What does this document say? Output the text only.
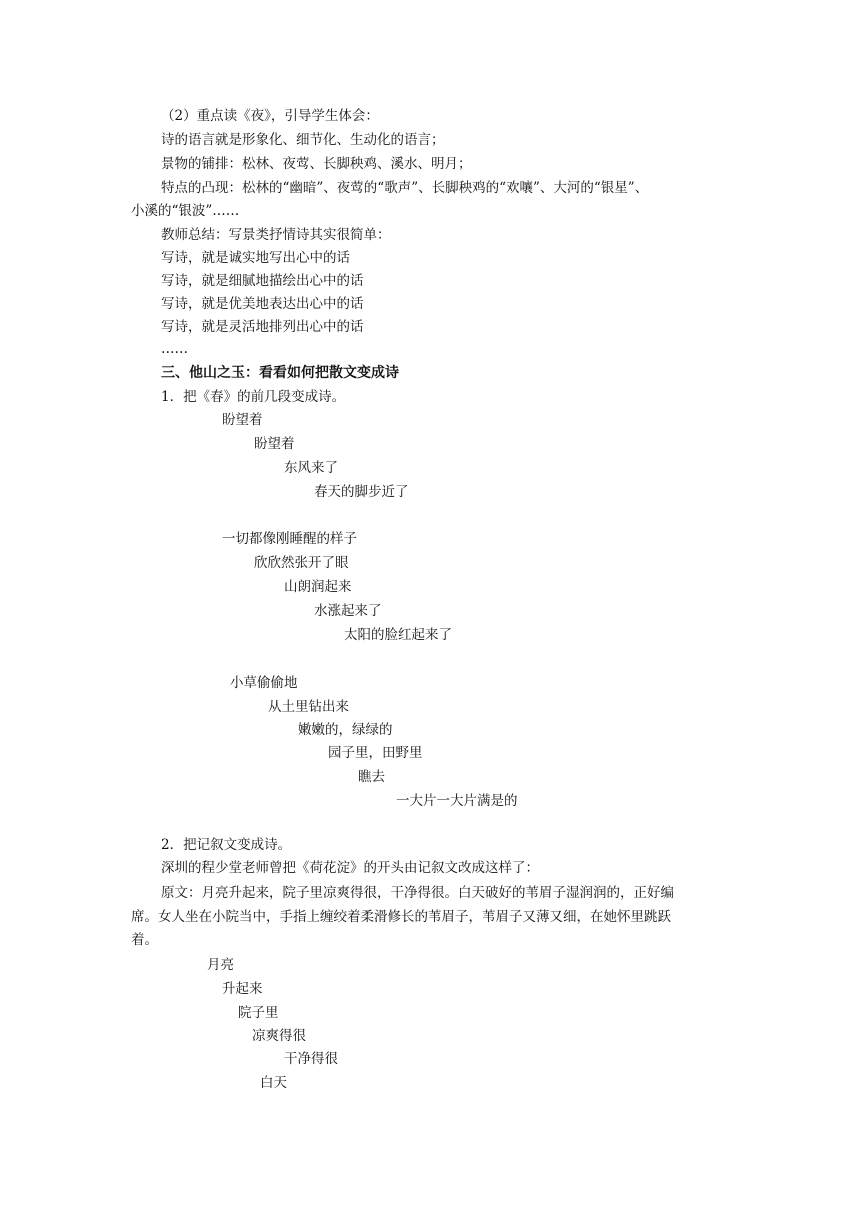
（2）重点读《夜》，引导学生体会：
诗的语言就是形象化、细节化、生动化的语言；
景物的铺排：松林、夜莺、长脚秧鸡、溪水、明月；
特点的凸现：松林的“幽暗”、夜莺的“歌声”、长脚秧鸡的“欢嚷”、大河的“银星”、
小溪的“银波”……
教师总结：写景类抒情诗其实很简单：
写诗，就是诚实地写出心中的话
写诗，就是细腻地描绘出心中的话
写诗，就是优美地表达出心中的话
写诗，就是灵活地排列出心中的话
……
三、他山之玉：看看如何把散文变成诗
1．把《春》的前几段变成诗。
盼望着
盼望着
东风来了
春天的脚步近了
一切都像刚睡醒的样子
欣欣然张开了眼
山朗润起来
水涨起来了
太阳的脸红起来了
小草偷偷地
从土里钻出来
嫩嫩的，绿绿的
园子里，田野里
瞧去
一大片一大片满是的
2．把记叙文变成诗。
深圳的程少堂老师曾把《荷花淀》的开头由记叙文改成这样了：
原文：月亮升起来，院子里凉爽得很，干净得很。白天破好的苇眉子湿润润的，正好编
席。女人坐在小院当中，手指上缠绞着柔滑修长的苇眉子，苇眉子又薄又细，在她怀里跳跃
着。
月亮
升起来
院子里
凉爽得很
干净得很
白天
